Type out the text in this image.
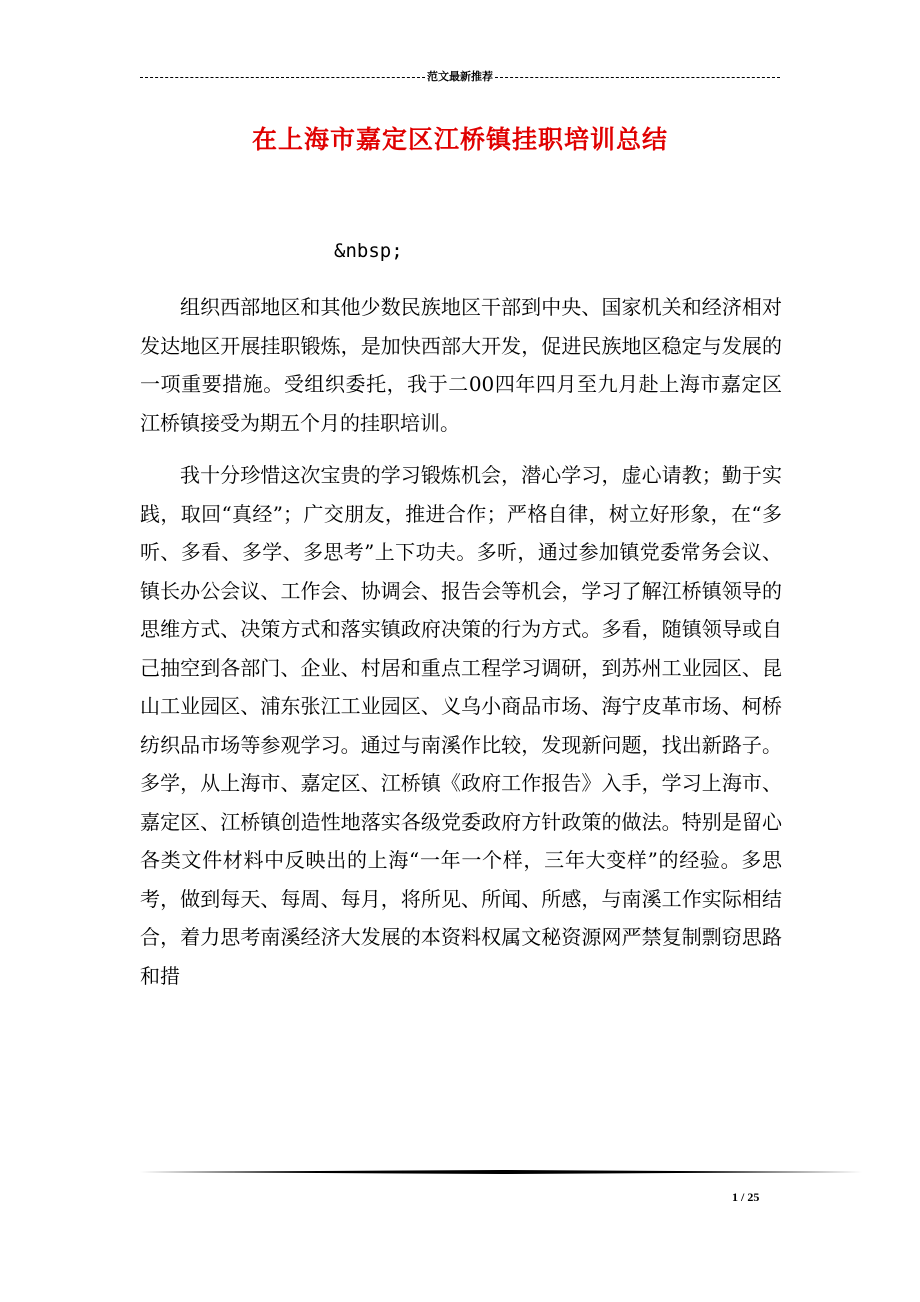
范文最新推荐
在上海市嘉定区江桥镇挂职培训总结
&nbsp;

组织西部地区和其他少数民族地区干部到中央、国家机关和经济相对发达地区开展挂职锻炼，是加快西部大开发，促进民族地区稳定与发展的一项重要措施。受组织委托，我于二00四年四月至九月赴上海市嘉定区江桥镇接受为期五个月的挂职培训。

我十分珍惜这次宝贵的学习锻炼机会，潜心学习，虚心请教；勤于实践，取回“真经”；广交朋友，推进合作；严格自律，树立好形象，在“多听、多看、多学、多思考”上下功夫。多听，通过参加镇党委常务会议、镇长办公会议、工作会、协调会、报告会等机会，学习了解江桥镇领导的思维方式、决策方式和落实镇政府决策的行为方式。多看，随镇领导或自己抽空到各部门、企业、村居和重点工程学习调研，到苏州工业园区、昆山工业园区、浦东张江工业园区、义乌小商品市场、海宁皮革市场、柯桥纺织品市场等参观学习。通过与南溪作比较，发现新问题，找出新路子。多学，从上海市、嘉定区、江桥镇《政府工作报告》入手，学习上海市、嘉定区、江桥镇创造性地落实各级党委政府方针政策的做法。特别是留心各类文件材料中反映出的上海“一年一个样，三年大变样”的经验。多思考，做到每天、每周、每月，将所见、所闻、所感，与南溪工作实际相结合，着力思考南溪经济大发展的本资料权属文秘资源网严禁复制剽窃思路和措

1 / 25
